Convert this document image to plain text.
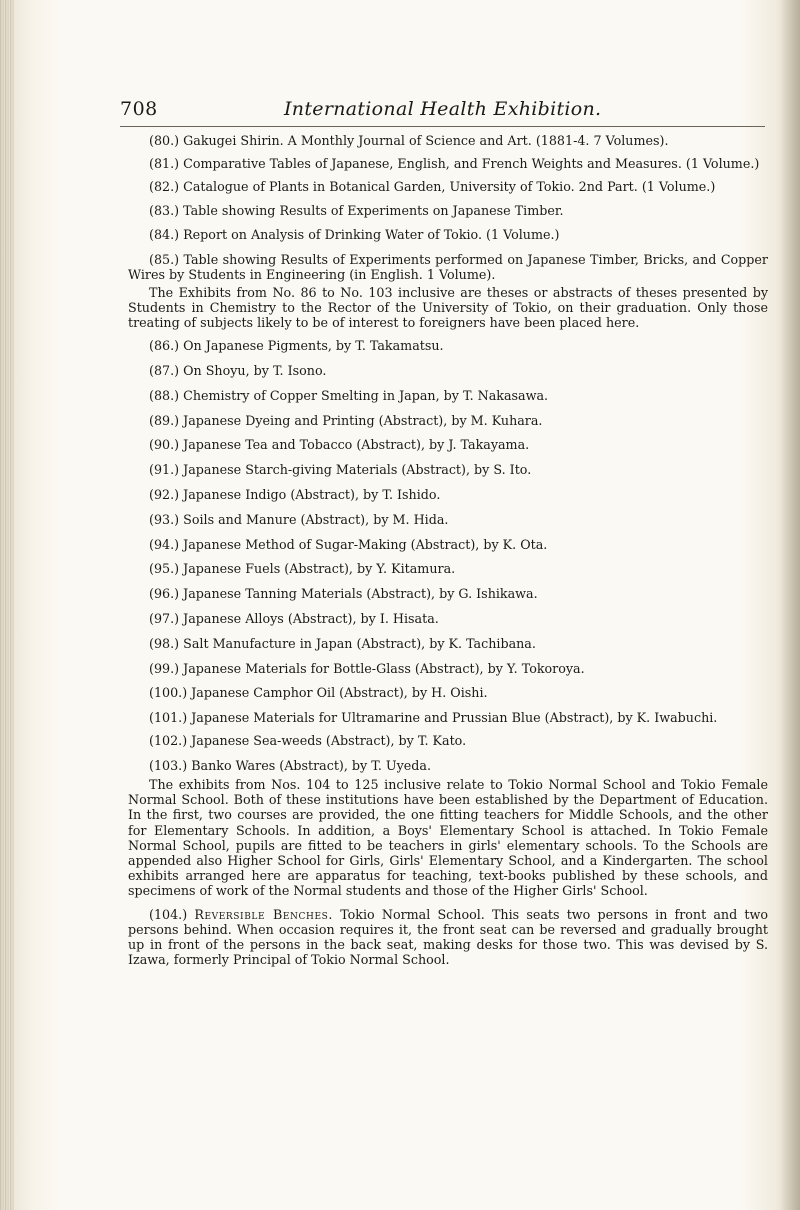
708	International Health Exhibition.

(80.) Gakugei Shirin. A Monthly Journal of Science and Art. (1881-4. 7 Volumes).

(81.) Comparative Tables of Japanese, English, and French Weights and Measures. (1 Volume.)

(82.) Catalogue of Plants in Botanical Garden, University of Tokio. 2nd Part. (1 Volume.)

(83.) Table showing Results of Experiments on Japanese Timber.

(84.) Report on Analysis of Drinking Water of Tokio. (1 Volume.)

(85.) Table showing Results of Experiments performed on Japanese Timber, Bricks, and Copper Wires by Students in Engineering (in English. 1 Volume).

The Exhibits from No. 86 to No. 103 inclusive are theses or abstracts of theses presented by Students in Chemistry to the Rector of the University of Tokio, on their graduation. Only those treating of subjects likely to be of interest to foreigners have been placed here.

(86.) On Japanese Pigments, by T. Takamatsu.

(87.) On Shoyu, by T. Isono.

(88.) Chemistry of Copper Smelting in Japan, by T. Nakasawa.

(89.) Japanese Dyeing and Printing (Abstract), by M. Kuhara.

(90.) Japanese Tea and Tobacco (Abstract), by J. Takayama.

(91.) Japanese Starch-giving Materials (Abstract), by S. Ito.

(92.) Japanese Indigo (Abstract), by T. Ishido.

(93.) Soils and Manure (Abstract), by M. Hida.

(94.) Japanese Method of Sugar-Making (Abstract), by K. Ota.

(95.) Japanese Fuels (Abstract), by Y. Kitamura.

(96.) Japanese Tanning Materials (Abstract), by G. Ishikawa.

(97.) Japanese Alloys (Abstract), by I. Hisata.

(98.) Salt Manufacture in Japan (Abstract), by K. Tachibana.

(99.) Japanese Materials for Bottle-Glass (Abstract), by Y. Tokoroya.

(100.) Japanese Camphor Oil (Abstract), by H. Oishi.

(101.) Japanese Materials for Ultramarine and Prussian Blue (Abstract), by K. Iwabuchi.

(102.) Japanese Sea-weeds (Abstract), by T. Kato.

(103.) Banko Wares (Abstract), by T. Uyeda.

The exhibits from Nos. 104 to 125 inclusive relate to Tokio Normal School and Tokio Female Normal School. Both of these institutions have been established by the Department of Education. In the first, two courses are provided, the one fitting teachers for Middle Schools, and the other for Elementary Schools. In addition, a Boys' Elementary School is attached. In Tokio Female Normal School, pupils are fitted to be teachers in girls' elementary schools. To the Schools are appended also Higher School for Girls, Girls' Elementary School, and a Kindergarten. The school exhibits arranged here are apparatus for teaching, text-books published by these schools, and specimens of work of the Normal students and those of the Higher Girls' School.

(104.) Reversible Benches. Tokio Normal School. This seats two persons in front and two persons behind. When occasion requires it, the front seat can be reversed and gradually brought up in front of the persons in the back seat, making desks for those two. This was devised by S. Izawa, formerly Principal of Tokio Normal School.
